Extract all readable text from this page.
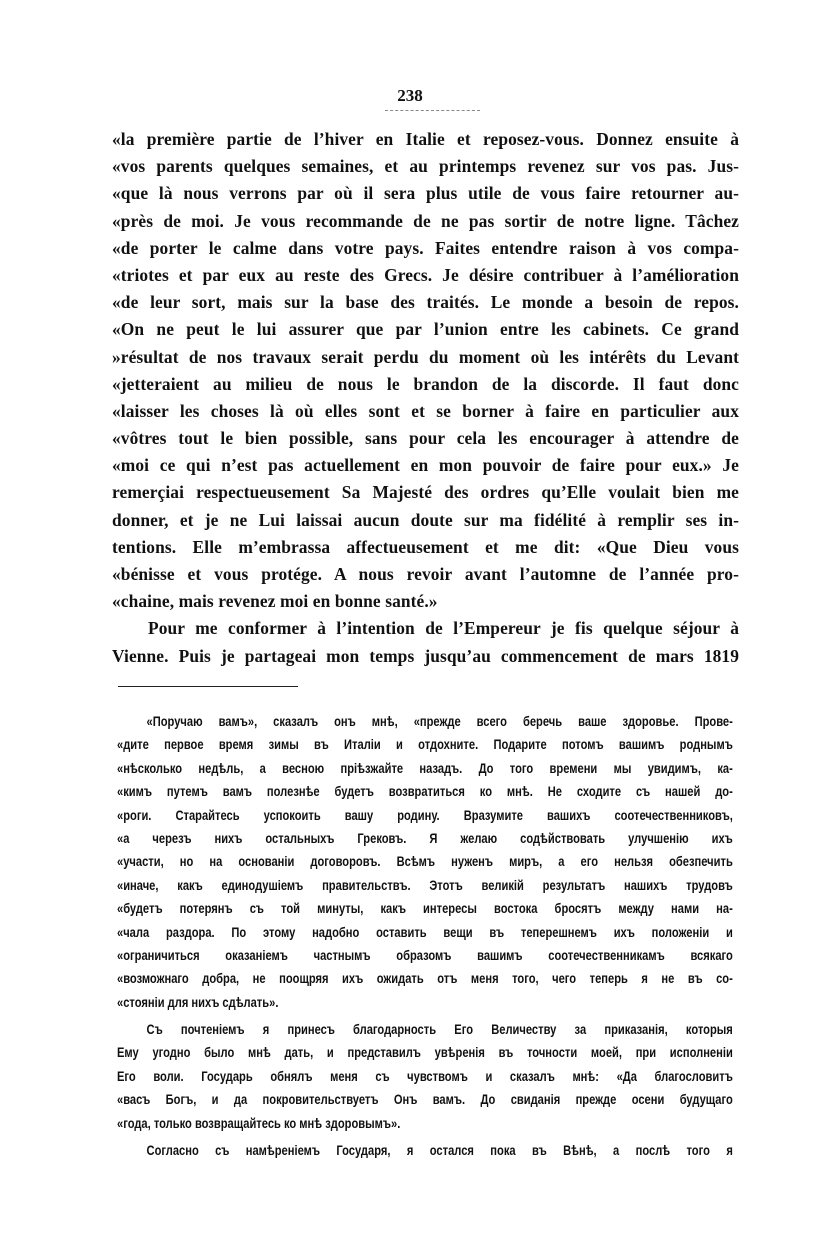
238
«la première partie de l’hiver en Italie et reposez-vous. Donnez ensuite à
«vos parents quelques semaines, et au printemps revenez sur vos pas. Jus-
«que là nous verrons par où il sera plus utile de vous faire retourner au-
«près de moi. Je vous recommande de ne pas sortir de notre ligne. Tâchez
«de porter le calme dans votre pays. Faites entendre raison à vos compa-
«triotes et par eux au reste des Grecs. Je désire contribuer à l’amélioration
«de leur sort, mais sur la base des traités. Le monde a besoin de repos.
«On ne peut le lui assurer que par l’union entre les cabinets. Ce grand
»résultat de nos travaux serait perdu du moment où les intérêts du Levant
«jetteraient au milieu de nous le brandon de la discorde. Il faut donc
«laisser les choses là où elles sont et se borner à faire en particulier aux
«vôtres tout le bien possible, sans pour cela les encourager à attendre de
«moi ce qui n’est pas actuellement en mon pouvoir de faire pour eux.» Je
remerçiai respectueusement Sa Majesté des ordres qu’Elle voulait bien me
donner, et je ne Lui laissai aucun doute sur ma fidélité à remplir ses in-
tentions. Elle m’embrassa affectueusement et me dit: «Que Dieu vous
«bénisse et vous protége. A nous revoir avant l’automne de l’année pro-
«chaine, mais revenez moi en bonne santé.»
Pour me conformer à l’intention de l’Empereur je fis quelque séjour à
Vienne. Puis je partageai mon temps jusqu’au commencement de mars 1819
«Поручаю вамъ», сказалъ онъ мнѣ, «прежде всего беречь ваше здоровье. Прове-
«дите первое время зимы въ Италіи и отдохните. Подарите потомъ вашимъ роднымъ
«нѣсколько недѣль, а весною пріѣзжайте назадъ. До того времени мы увидимъ, ка-
«кимъ путемъ вамъ полезнѣе будетъ возвратиться ко мнѣ. Не сходите съ нашей до-
«роги. Старайтесь успокоить вашу родину. Вразумите вашихъ соотечественниковъ,
«а черезъ нихъ остальныхъ Грековъ. Я желаю содѣйствовать улучшенію ихъ
«участи, но на основаніи договоровъ. Всѣмъ нуженъ миръ, а его нельзя обезпечить
«иначе, какъ единодушіемъ правительствъ. Этотъ великій результатъ нашихъ трудовъ
«будетъ потерянъ съ той минуты, какъ интересы востока бросятъ между нами на-
«чала раздора. По этому надобно оставить вещи въ теперешнемъ ихъ положеніи и
«ограничиться оказаніемъ частнымъ образомъ вашимъ соотечественникамъ всякаго
«возможнаго добра, не поощряя ихъ ожидать отъ меня того, чего теперь я не въ со-
«стояніи для нихъ сдѣлать».
Съ почтеніемъ я принесъ благодарность Его Величеству за приказанія, которыя
Ему угодно было мнѣ дать, и представилъ увѣренія въ точности моей, при исполненіи
Его воли. Государь обнялъ меня съ чувствомъ и сказалъ мнѣ: «Да благословитъ
«васъ Богъ, и да покровительствуетъ Онъ вамъ. До свиданія прежде осени будущаго
«года, только возвращайтесь ко мнѣ здоровымъ».
Согласно съ намѣреніемъ Государя, я остался пока въ Вѣнѣ, а послѣ того я
